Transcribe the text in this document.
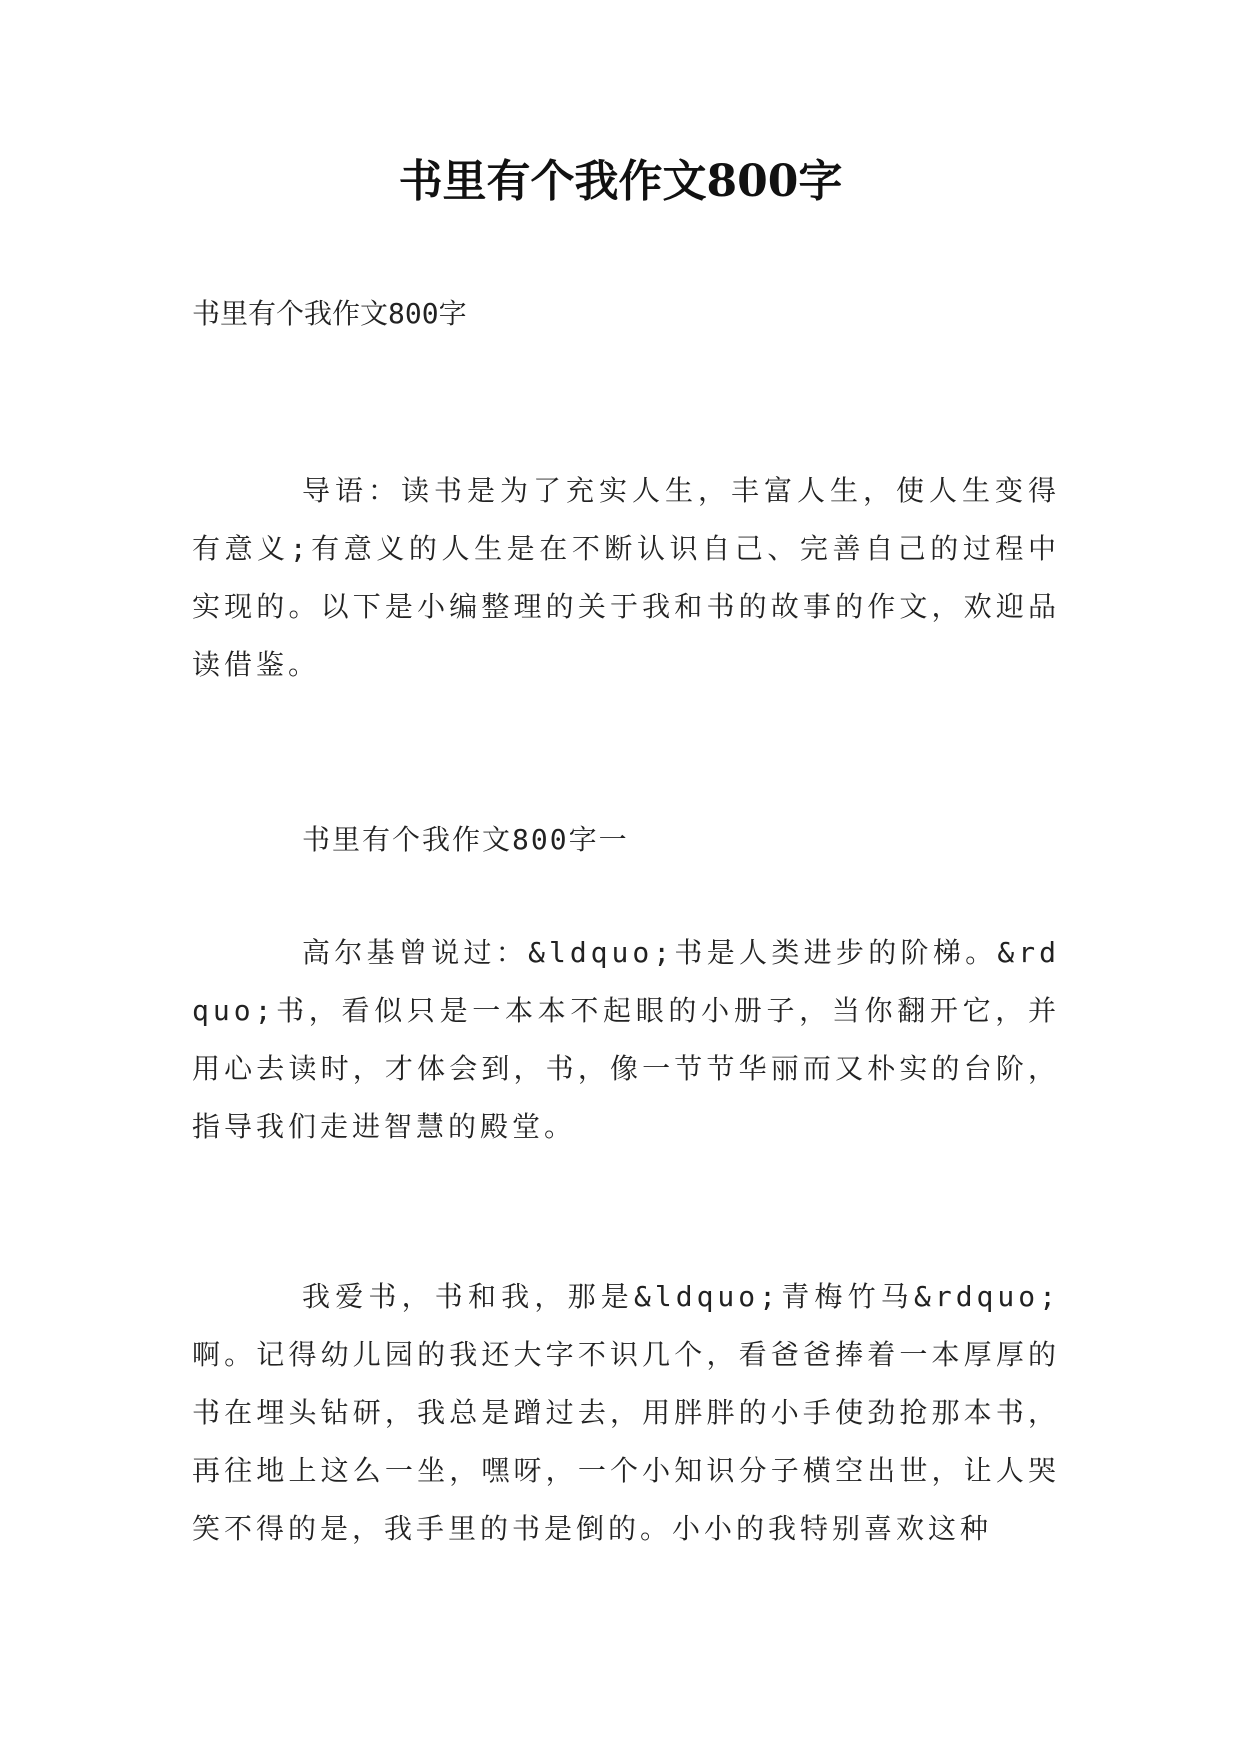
书里有个我作文800字

书里有个我作文800字

导语：读书是为了充实人生，丰富人生，使人生变得有意义;有意义的人生是在不断认识自己、完善自己的过程中实现的。以下是小编整理的关于我和书的故事的作文，欢迎品读借鉴。

书里有个我作文800字一

高尔基曾说过：&ldquo;书是人类进步的阶梯。&rdquo;书，看似只是一本本不起眼的小册子，当你翻开它，并用心去读时，才体会到，书，像一节节华丽而又朴实的台阶，指导我们走进智慧的殿堂。

我爱书，书和我，那是&ldquo;青梅竹马&rdquo;啊。记得幼儿园的我还大字不识几个，看爸爸捧着一本厚厚的书在埋头钻研，我总是蹭过去，用胖胖的小手使劲抢那本书，再往地上这么一坐，嘿呀，一个小知识分子横空出世，让人哭笑不得的是，我手里的书是倒的。小小的我特别喜欢这种
